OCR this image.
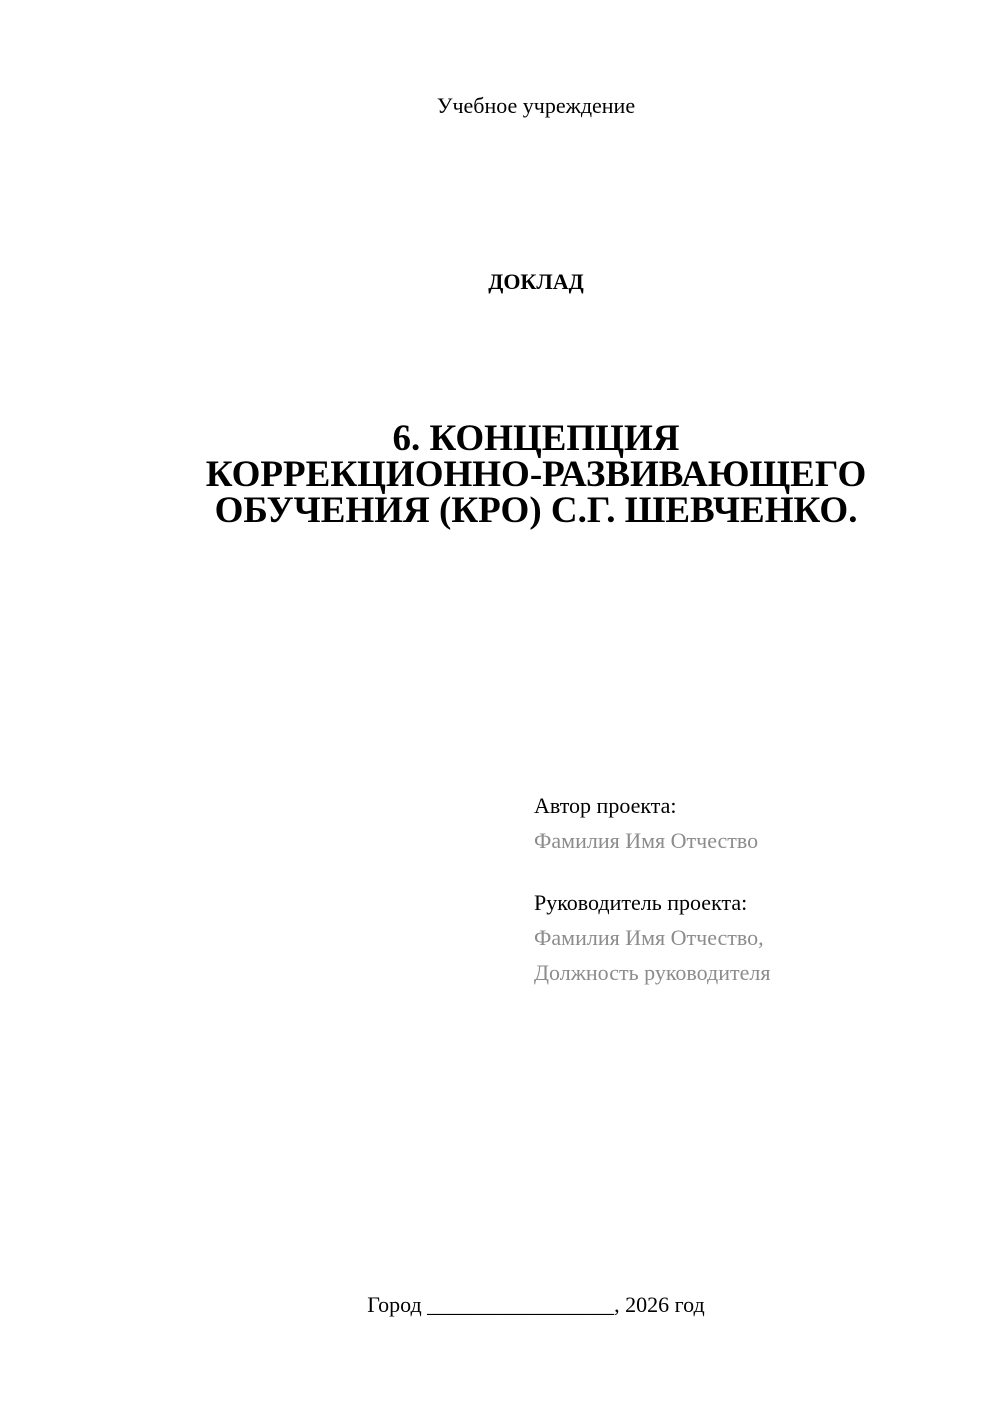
Учебное учреждение
ДОКЛАД
6. КОНЦЕПЦИЯ
КОРРЕКЦИОННО-РАЗВИВАЮЩЕГО
ОБУЧЕНИЯ (КРО) С.Г. ШЕВЧЕНКО.
Автор проекта:
Фамилия Имя Отчество
Руководитель проекта:
Фамилия Имя Отчество,
Должность руководителя
Город _________________, 2026 год
